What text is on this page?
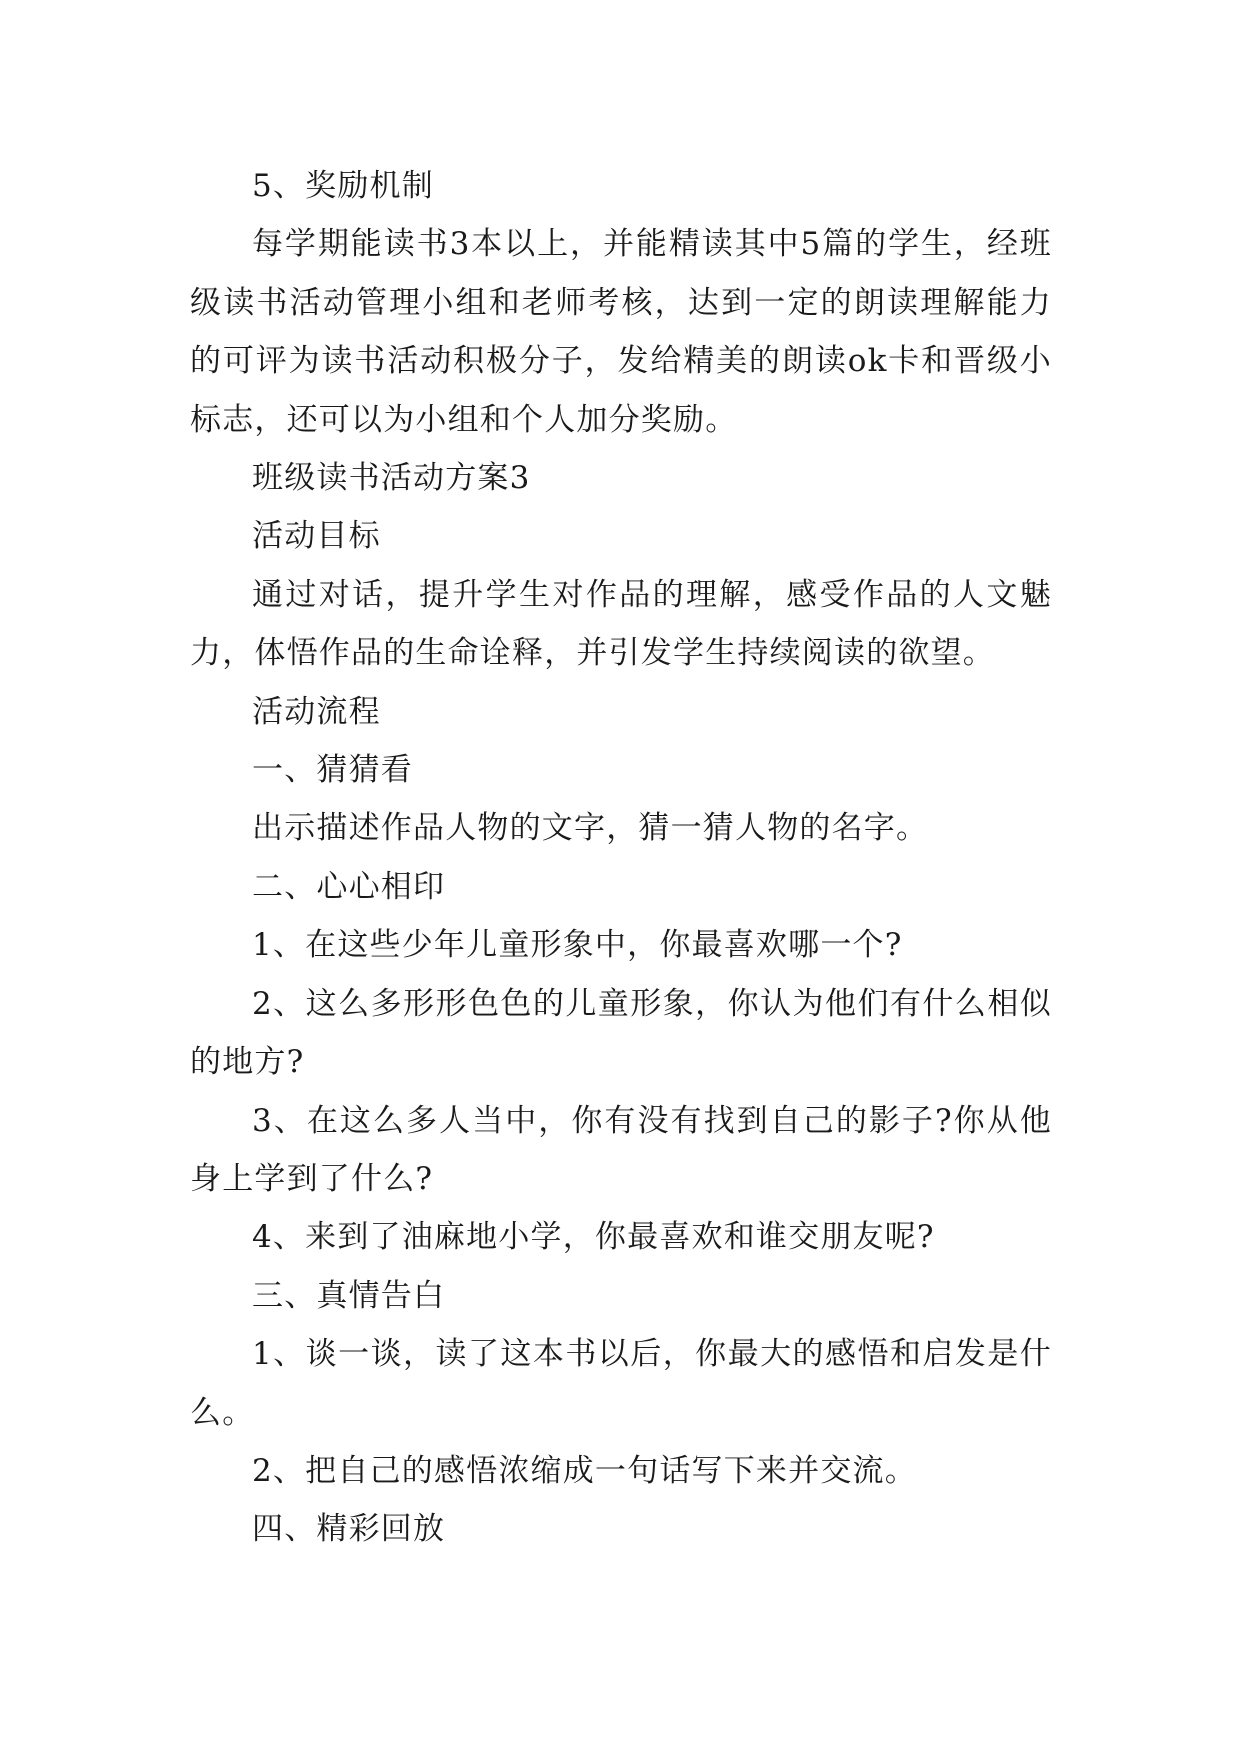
5、奖励机制

每学期能读书3本以上，并能精读其中5篇的学生，经班级读书活动管理小组和老师考核，达到一定的朗读理解能力的可评为读书活动积极分子，发给精美的朗读ok卡和晋级小标志，还可以为小组和个人加分奖励。

班级读书活动方案3

活动目标

通过对话，提升学生对作品的理解，感受作品的人文魅力，体悟作品的生命诠释，并引发学生持续阅读的欲望。

活动流程

一、猜猜看

出示描述作品人物的文字，猜一猜人物的名字。

二、心心相印

1、在这些少年儿童形象中，你最喜欢哪一个?

2、这么多形形色色的儿童形象，你认为他们有什么相似的地方?

3、在这么多人当中，你有没有找到自己的影子?你从他身上学到了什么?

4、来到了油麻地小学，你最喜欢和谁交朋友呢?

三、真情告白

1、谈一谈，读了这本书以后，你最大的感悟和启发是什么。

2、把自己的感悟浓缩成一句话写下来并交流。

四、精彩回放
